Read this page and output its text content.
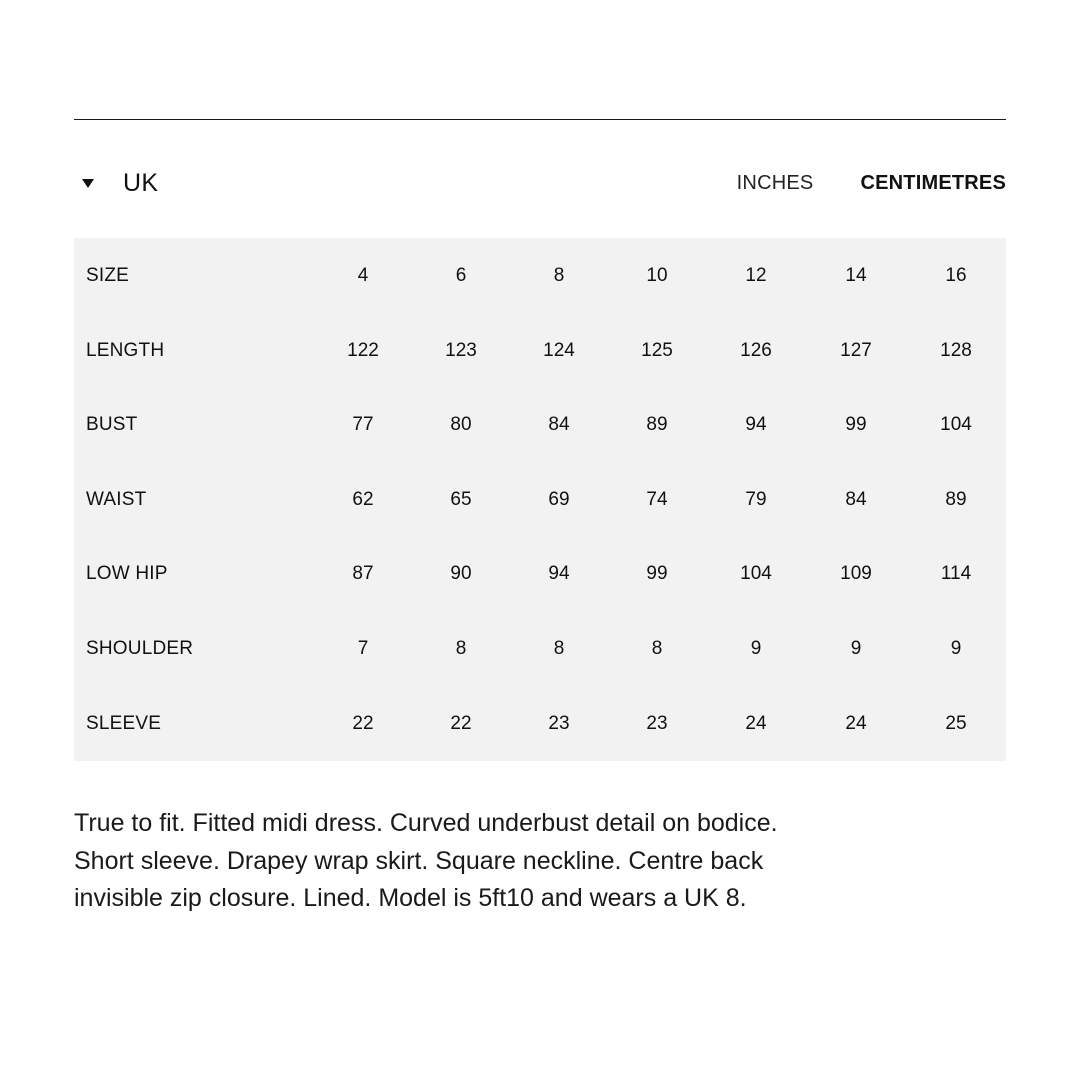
UK	INCHES CENTIMETRES
SIZE	4	6	8	10	12	14	16
LENGTH	122	123	124	125	126	127	128
BUST	77	80	84	89	94	99	104
WAIST	62	65	69	74	79	84	89
LOW HIP	87	90	94	99	104	109	114
SHOULDER	7	8	8	8	9	9	9
SLEEVE	22	22	23	23	24	24	25

True to fit. Fitted midi dress. Curved underbust detail on bodice. Short sleeve. Drapey wrap skirt. Square neckline. Centre back invisible zip closure. Lined. Model is 5ft10 and wears a UK 8.
